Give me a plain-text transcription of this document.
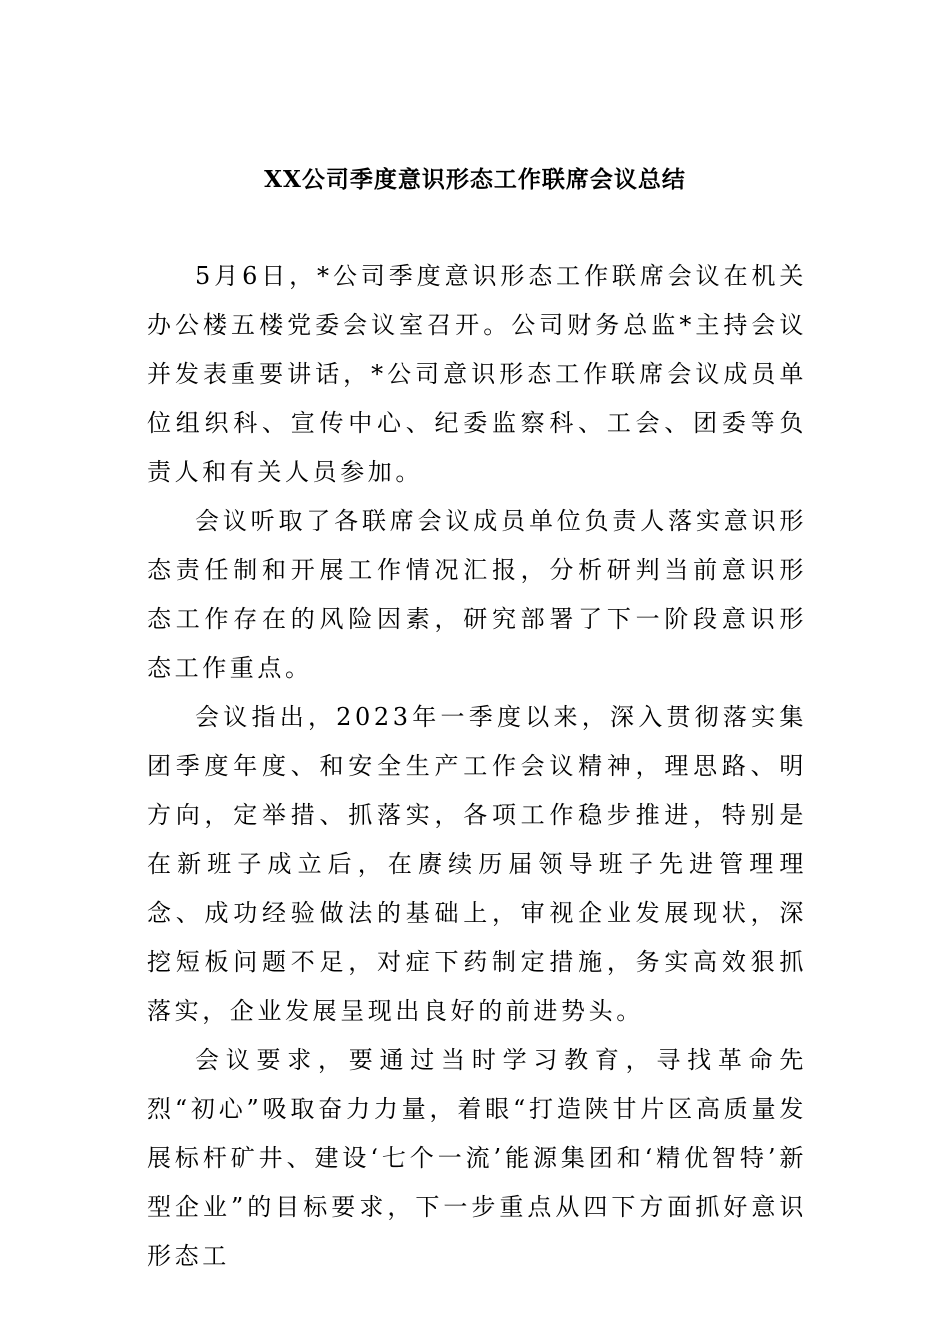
XX公司季度意识形态工作联席会议总结

5月6日，*公司季度意识形态工作联席会议在机关办公楼五楼党委会议室召开。公司财务总监*主持会议并发表重要讲话，*公司意识形态工作联席会议成员单位组织科、宣传中心、纪委监察科、工会、团委等负责人和有关人员参加。

会议听取了各联席会议成员单位负责人落实意识形态责任制和开展工作情况汇报，分析研判当前意识形态工作存在的风险因素，研究部署了下一阶段意识形态工作重点。

会议指出，2023年一季度以来，深入贯彻落实集团季度年度、和安全生产工作会议精神，理思路、明方向，定举措、抓落实，各项工作稳步推进，特别是在新班子成立后，在赓续历届领导班子先进管理理念、成功经验做法的基础上，审视企业发展现状，深挖短板问题不足，对症下药制定措施，务实高效狠抓落实，企业发展呈现出良好的前进势头。

会议要求，要通过当时学习教育，寻找革命先烈“初心”吸取奋力力量，着眼“打造陕甘片区高质量发展标杆矿井、建设‘七个一流’能源集团和‘精优智特’新型企业”的目标要求，下一步重点从四下方面抓好意识形态工
